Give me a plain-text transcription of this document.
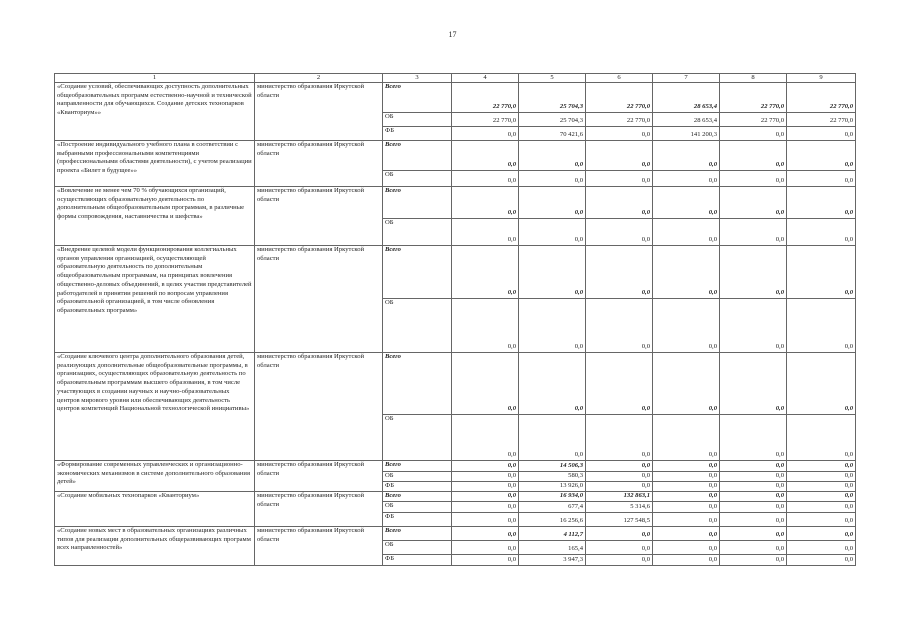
17
1	2	3	4	5	6	7	8	9
«Создание условий, обеспечивающих доступность дополнительных общеобразовательных программ естественно-научной и технической направленности для обучающихся. Создание детских технопарков «Кванториум»»	министерство образования Иркутской области	Всего	22 770,0	25 704,3	22 770,0	28 653,4	22 770,0	22 770,0
		ОБ	22 770,0	25 704,3	22 770,0	28 653,4	22 770,0	22 770,0
		ФБ	0,0	70 421,6	0,0	141 200,3	0,0	0,0
«Построение индивидуального учебного плана в соответствии с выбранными профессиональными компетенциями (профессиональными областями деятельности), с учетом реализации проекта «Билет в будущее»»	министерство образования Иркутской области	Всего	0,0	0,0	0,0	0,0	0,0	0,0
		ОБ	0,0	0,0	0,0	0,0	0,0	0,0
«Вовлечение не менее чем 70 % обучающихся организаций, осуществляющих образовательную деятельность по дополнительным общеобразовательным программам, в различные формы сопровождения, наставничества и шефства»	министерство образования Иркутской области	Всего	0,0	0,0	0,0	0,0	0,0	0,0
		ОБ	0,0	0,0	0,0	0,0	0,0	0,0
«Внедрение целевой модели функционирования коллегиальных органов управления организацией, осуществляющей образовательную деятельность по дополнительным общеобразовательным программам, на принципах вовлечения общественно-деловых объединений, в целях участия представителей работодателей в принятии решений по вопросам управления образовательной организацией, в том числе обновления образовательных программ»	министерство образования Иркутской области	Всего	0,0	0,0	0,0	0,0	0,0	0,0
		ОБ	0,0	0,0	0,0	0,0	0,0	0,0
«Создание ключевого центра дополнительного образования детей, реализующих дополнительные общеобразовательные программы, в организациях, осуществляющих образовательную деятельность по образовательным программам высшего образования, в том числе участвующих в создании научных и научно-образовательных центров мирового уровня или обеспечивающих деятельность центров компетенций Национальной технологической инициативы»	министерство образования Иркутской области	Всего	0,0	0,0	0,0	0,0	0,0	0,0
		ОБ	0,0	0,0	0,0	0,0	0,0	0,0
«Формирование современных управленческих и организационно-экономических механизмов в системе дополнительного образования детей»	министерство образования Иркутской области	Всего	0,0	14 506,3	0,0	0,0	0,0	0,0
		ОБ	0,0	580,3	0,0	0,0	0,0	0,0
		ФБ	0,0	13 926,0	0,0	0,0	0,0	0,0
«Создание мобильных технопарков «Кванториум»	министерство образования Иркутской области	Всего	0,0	16 934,0	132 863,1	0,0	0,0	0,0
		ОБ	0,0	677,4	5 314,6	0,0	0,0	0,0
		ФБ	0,0	16 256,6	127 548,5	0,0	0,0	0,0
«Создание новых мест в образовательных организациях различных типов для реализации дополнительных общеразвивающих программ всех направленностей»	министерство образования Иркутской области	Всего	0,0	4 112,7	0,0	0,0	0,0	0,0
		ОБ	0,0	165,4	0,0	0,0	0,0	0,0
		ФБ	0,0	3 947,3	0,0	0,0	0,0	0,0
